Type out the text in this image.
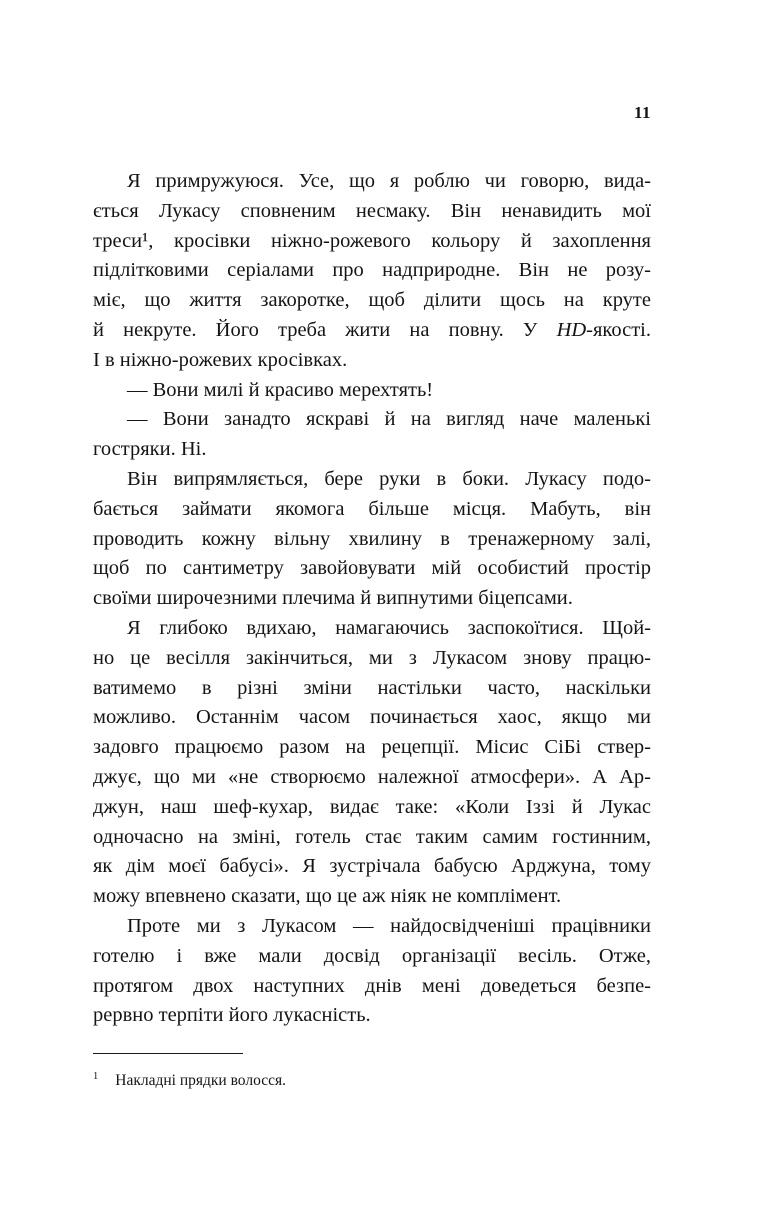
11
Я примружуюся. Усе, що я роблю чи говорю, вида-
ється Лукасу сповненим несмаку. Він ненавидить мої
треси¹, кросівки ніжно-рожевого кольору й захоплення
підлітковими серіалами про надприродне. Він не розу-
міє, що життя закоротке, щоб ділити щось на круте
й некруте. Його треба жити на повну. У HD-якості.
І в ніжно-рожевих кросівках.
— Вони милі й красиво мерехтять!
— Вони занадто яскраві й на вигляд наче маленькі
гостряки. Ні.
Він випрямляється, бере руки в боки. Лукасу подо-
бається займати якомога більше місця. Мабуть, він
проводить кожну вільну хвилину в тренажерному залі,
щоб по сантиметру завойовувати мій особистий простір
своїми широчезними плечима й випнутими біцепсами.
Я глибоко вдихаю, намагаючись заспокоїтися. Щой-
но це весілля закінчиться, ми з Лукасом знову працю-
ватимемо в різні зміни настільки часто, наскільки
можливо. Останнім часом починається хаос, якщо ми
задовго працюємо разом на рецепції. Місис СіБі ствер-
джує, що ми «не створюємо належної атмосфери». А Ар-
джун, наш шеф-кухар, видає таке: «Коли Іззі й Лукас
одночасно на зміні, готель стає таким самим гостинним,
як дім моєї бабусі». Я зустрічала бабусю Арджуна, тому
можу впевнено сказати, що це аж ніяк не комплімент.
Проте ми з Лукасом — найдосвідченіші працівники
готелю і вже мали досвід організації весіль. Отже,
протягом двох наступних днів мені доведеться безпе-
рервно терпіти його лукасність.
$^1$ Накладні прядки волосся.
